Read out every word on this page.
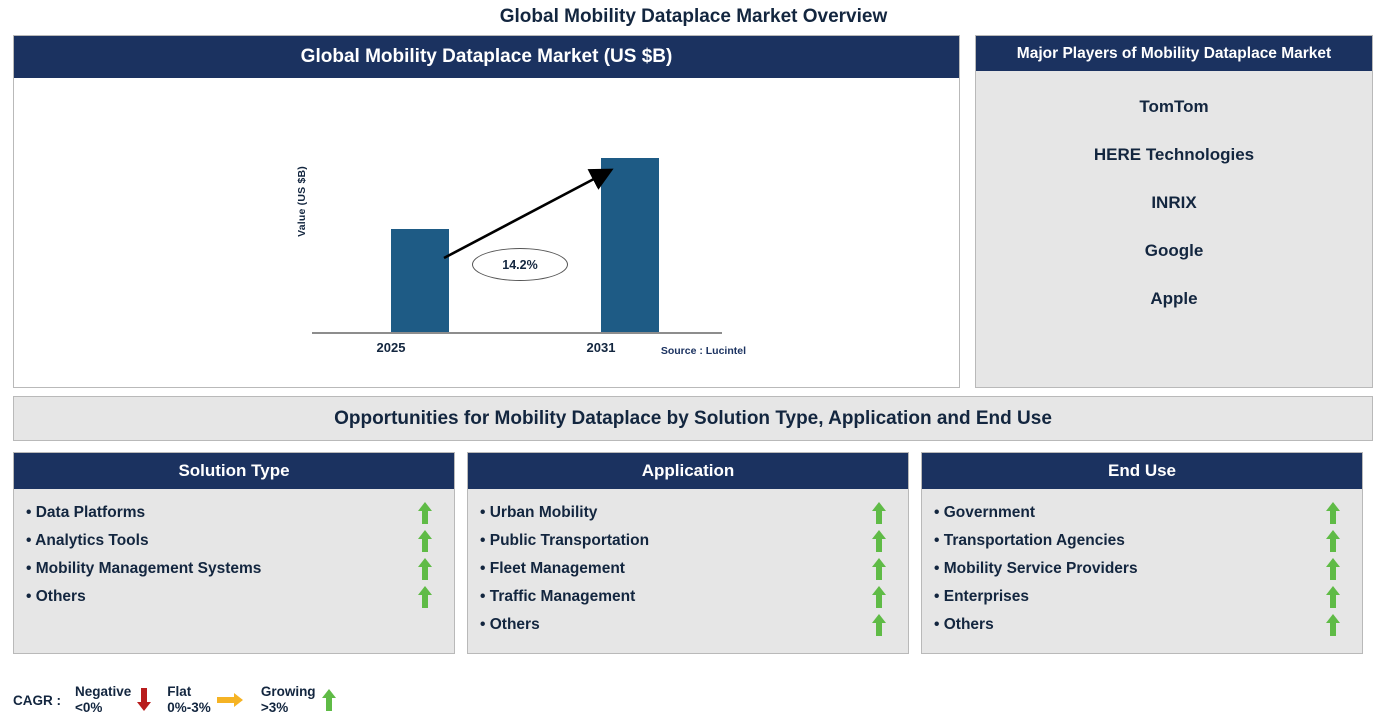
Global Mobility Dataplace Market Overview
Global Mobility Dataplace Market (US $B)
Value (US $B)
14.2%
2025	2031	Source : Lucintel
Major Players of Mobility Dataplace Market
TomTom
HERE Technologies
INRIX
Google
Apple
Opportunities for Mobility Dataplace by Solution Type, Application and End Use
Solution Type
• Data Platforms
• Analytics Tools
• Mobility Management Systems
• Others
Application
• Urban Mobility
• Public Transportation
• Fleet Management
• Traffic Management
• Others
End Use
• Government
• Transportation Agencies
• Mobility Service Providers
• Enterprises
• Others
CAGR :
Negative
<0%
Flat
0%-3%
Growing
>3%
